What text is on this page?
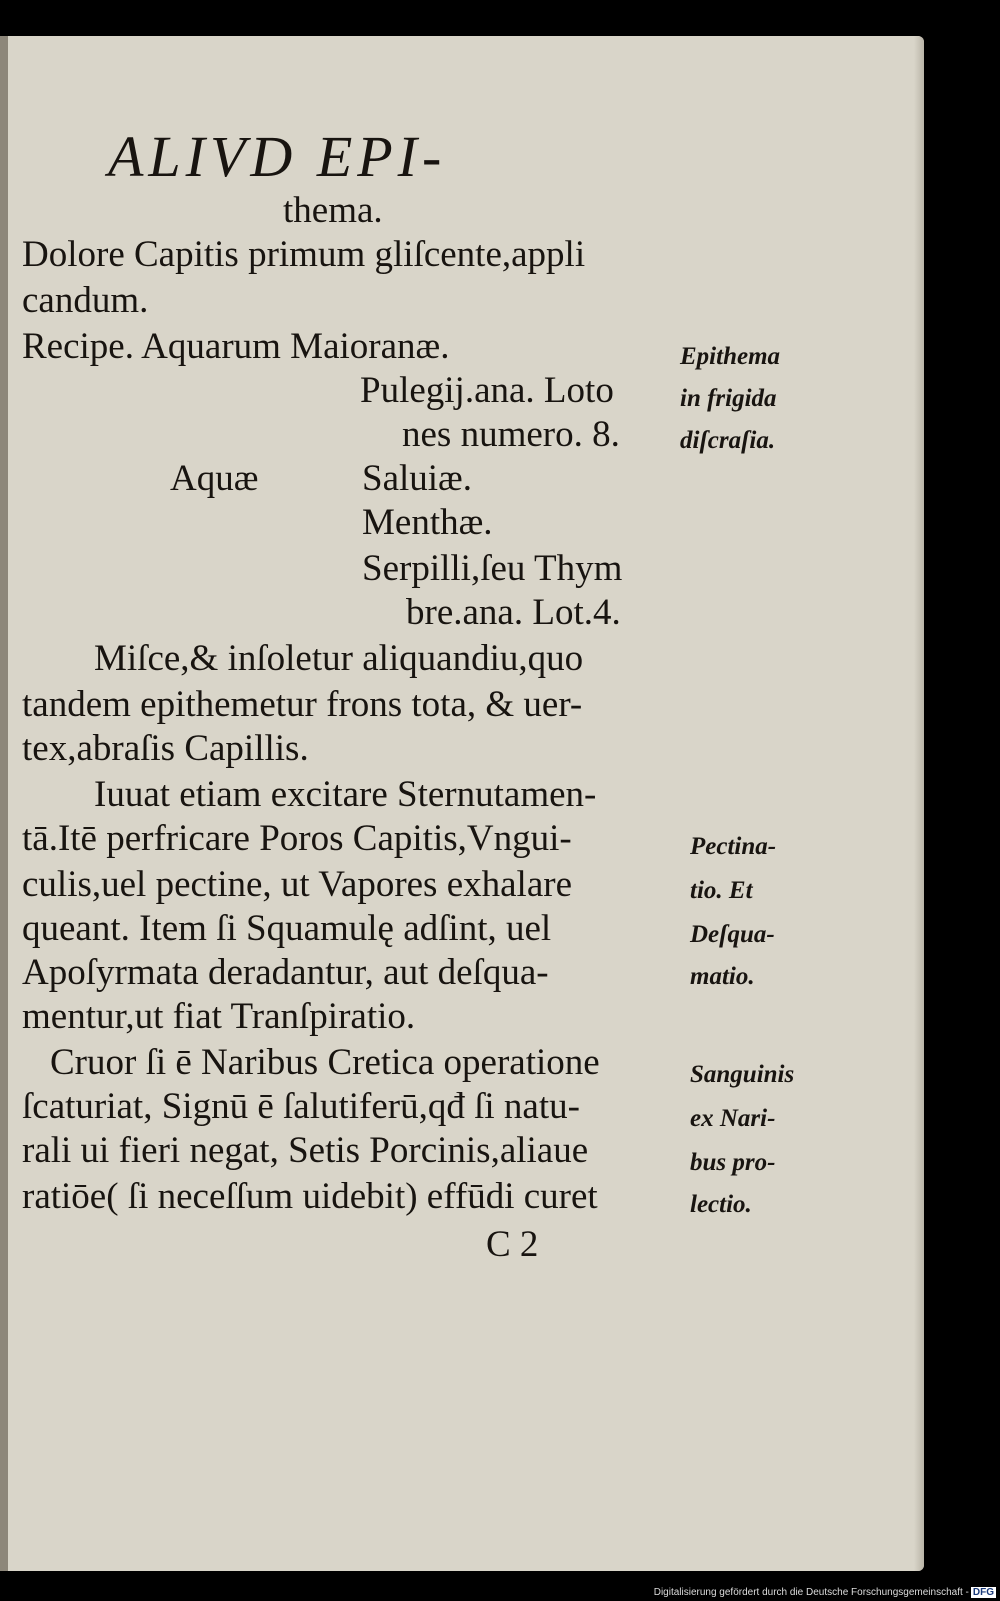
ALIVD EPI-
thema.
Dolore Capitis primum gliſcente,appli
candum.
Recipe. Aquarum Maioranæ.
Pulegij.ana. Loto
nes numero. 8.
Aquæ	Saluiæ.
Menthæ.
Serpilli,ſeu Thym
bre.ana. Lot.4.
Miſce,& inſoletur aliquandiu,quo
tandem epithemetur frons tota, & uer-
tex,abraſis Capillis.
Iuuat etiam excitare Sternutamen-
tā.Itē perfricare Poros Capitis,Vngui-
culis,uel pectine, ut Vapores exhalare
queant. Item ſi Squamulę adſint, uel
Apoſyrmata deradantur, aut deſqua-
mentur,ut fiat Tranſpiratio.
Cruor ſi ē Naribus Cretica operatione
ſcaturiat, Signū ē ſalutiferū,qđ ſi natu-
rali ui fieri negat, Setis Porcinis,aliaue
ratiōe( ſi neceſſum uidebit) effūdi curet
C 2
Epithema
in frigida
diſcraſia.
Pectina-
tio. Et
Deſqua-
matio.
Sanguinis
ex Nari-
bus pro-
lectio.
Digitalisierung gefördert durch die Deutsche Forschungsgemeinschaft - DFG
